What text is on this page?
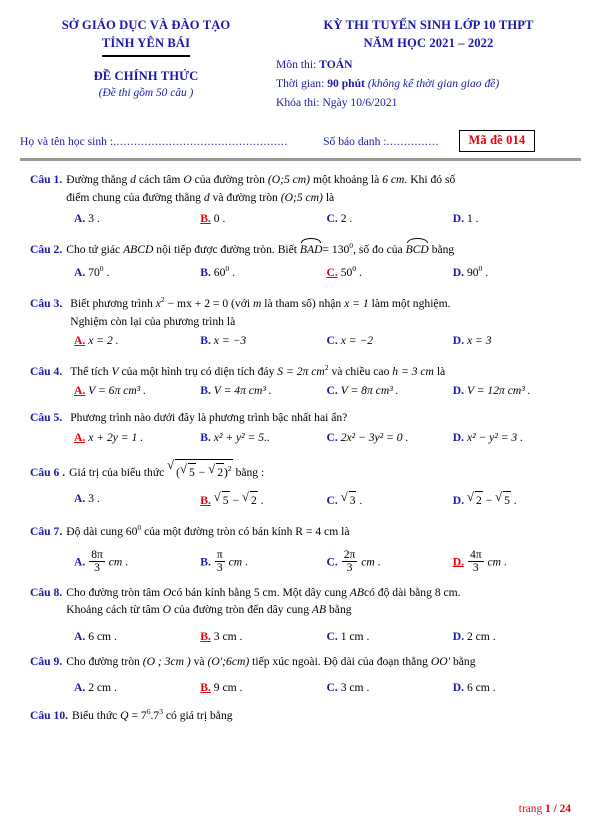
SỞ GIÁO DỤC VÀ ĐÀO TẠO
TỈNH YÊN BÁI
ĐỀ CHÍNH THỨC
(Đề thi gồm 50 câu )
KỲ THI TUYỂN SINH LỚP 10 THPT
NĂM HỌC 2021 – 2022
Môn thi: TOÁN
Thời gian: 90 phút (không kể thời gian giao đề)
Khóa thi: Ngày 10/6/2021
Họ và tên học sinh : ..................................................	Số báo danh : ...............	Mã đề 014
Câu 1. Đường thẳng d cách tâm O của đường tròn (O;5 cm) một khoảng là 6 cm. Khi đó số
điểm chung của đường thẳng d và đường tròn (O;5 cm) là
A. 3 .	B. 0 .	C. 2 .	D. 1 .
Câu 2. Cho tứ giác ABCD nội tiếp được đường tròn. Biết $BAD= 130^0$, số đo của BCD bằng
A. $70^0$ .	B. $60^0$ .	C. $50^0$ .	D. $90^0$ .
Câu 3. Biết phương trình $x^2$ − mx + 2 = 0 (với m là tham số) nhận x = 1 làm một nghiệm.
Nghiệm còn lại của phương trình là
A. x = 2 .	B. x = −3	C. x = −2	D. x = 3
Câu 4. Thể tích V của một hình trụ có diện tích đáy S = 2π $cm^2$ và chiều cao h = 3 cm là
A. V = 6π cm³ .	B. V = 4π cm³ .	C. V = 8π cm³ .	D. V = 12π cm³ .
Câu 5. Phương trình nào dưới đây là phương trình bậc nhất hai ẩn?
A. x + 2y = 1 .	B. x² + y² = 5..	C. 2x² − 3y² = 0 .	D. x² − y² = 3 .
Câu 6 . Giá trị của biểu thức √ ( √ 5 − √ 2)$^2$ bằng :
A. 3 .	B. √ 5 − √ 2 .	C. √ 3 .	D. √ 2 − √ 5 .
Câu 7. Độ dài cung $60^0$ của một đường tròn có bán kính R = 4 cm là
A. $\frac{8\pi}{3}$ cm .	B. $\frac{\pi}{3}$ cm .	C. $\frac{2\pi}{3}$ cm .	D. $\frac{4\pi}{3}$ cm .
Câu 8. Cho đường tròn tâm Ocó bán kính bằng 5 cm. Một dây cung ABcó độ dài bằng 8 cm.
Khoảng cách từ tâm O của đường tròn đến dây cung AB bằng
A. 6 cm .	B. 3 cm .	C. 1 cm .	D. 2 cm .
Câu 9. Cho đường tròn (O ; 3cm ) và (O';6cm) tiếp xúc ngoài. Độ dài của đoạn thẳng OO' bằng
A. 2 cm .	B. 9 cm .	C. 3 cm .	D. 6 cm .
Câu 10. Biểu thức $Q = 7^6.7^3$ có giá trị bằng
trang 1 / 24
